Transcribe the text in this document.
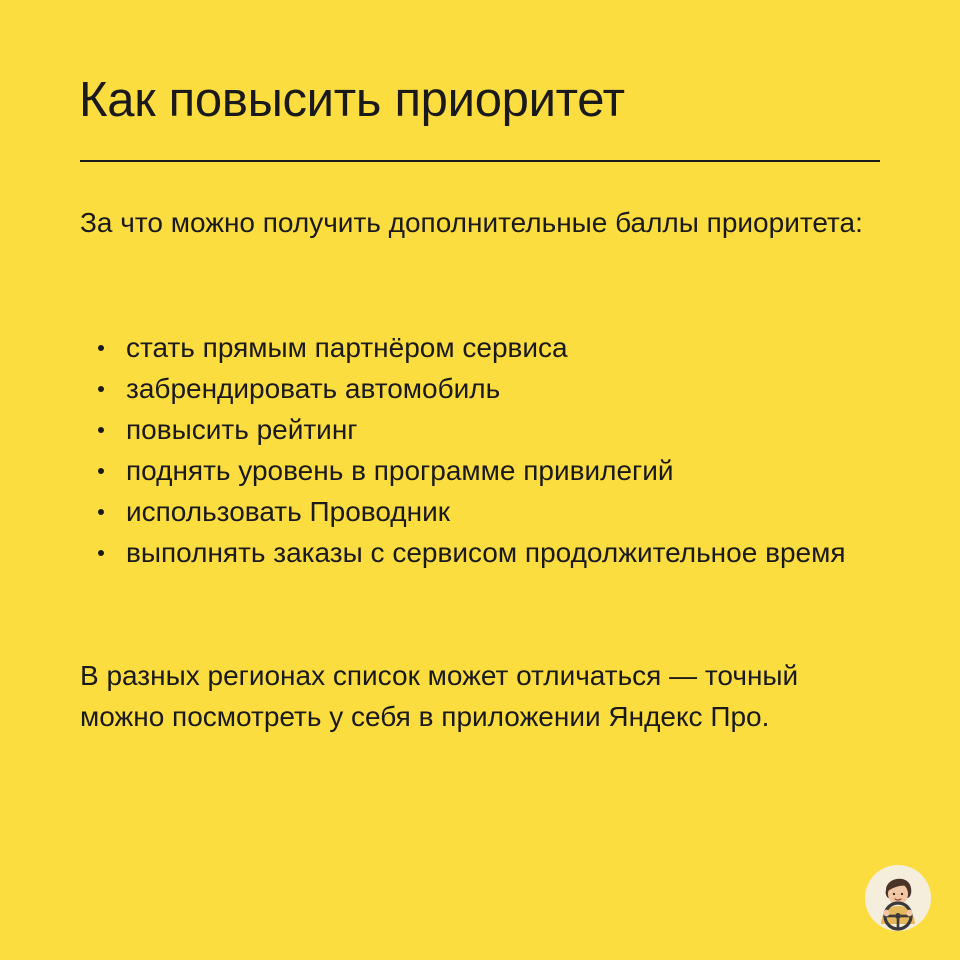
Как повысить приоритет

За что можно получить дополнительные баллы приоритета:

стать прямым партнёром сервиса
забрендировать автомобиль
повысить рейтинг
поднять уровень в программе привилегий
использовать Проводник
выполнять заказы с сервисом продолжительное время

В разных регионах список может отличаться — точный можно посмотреть у себя в приложении Яндекс Про.
